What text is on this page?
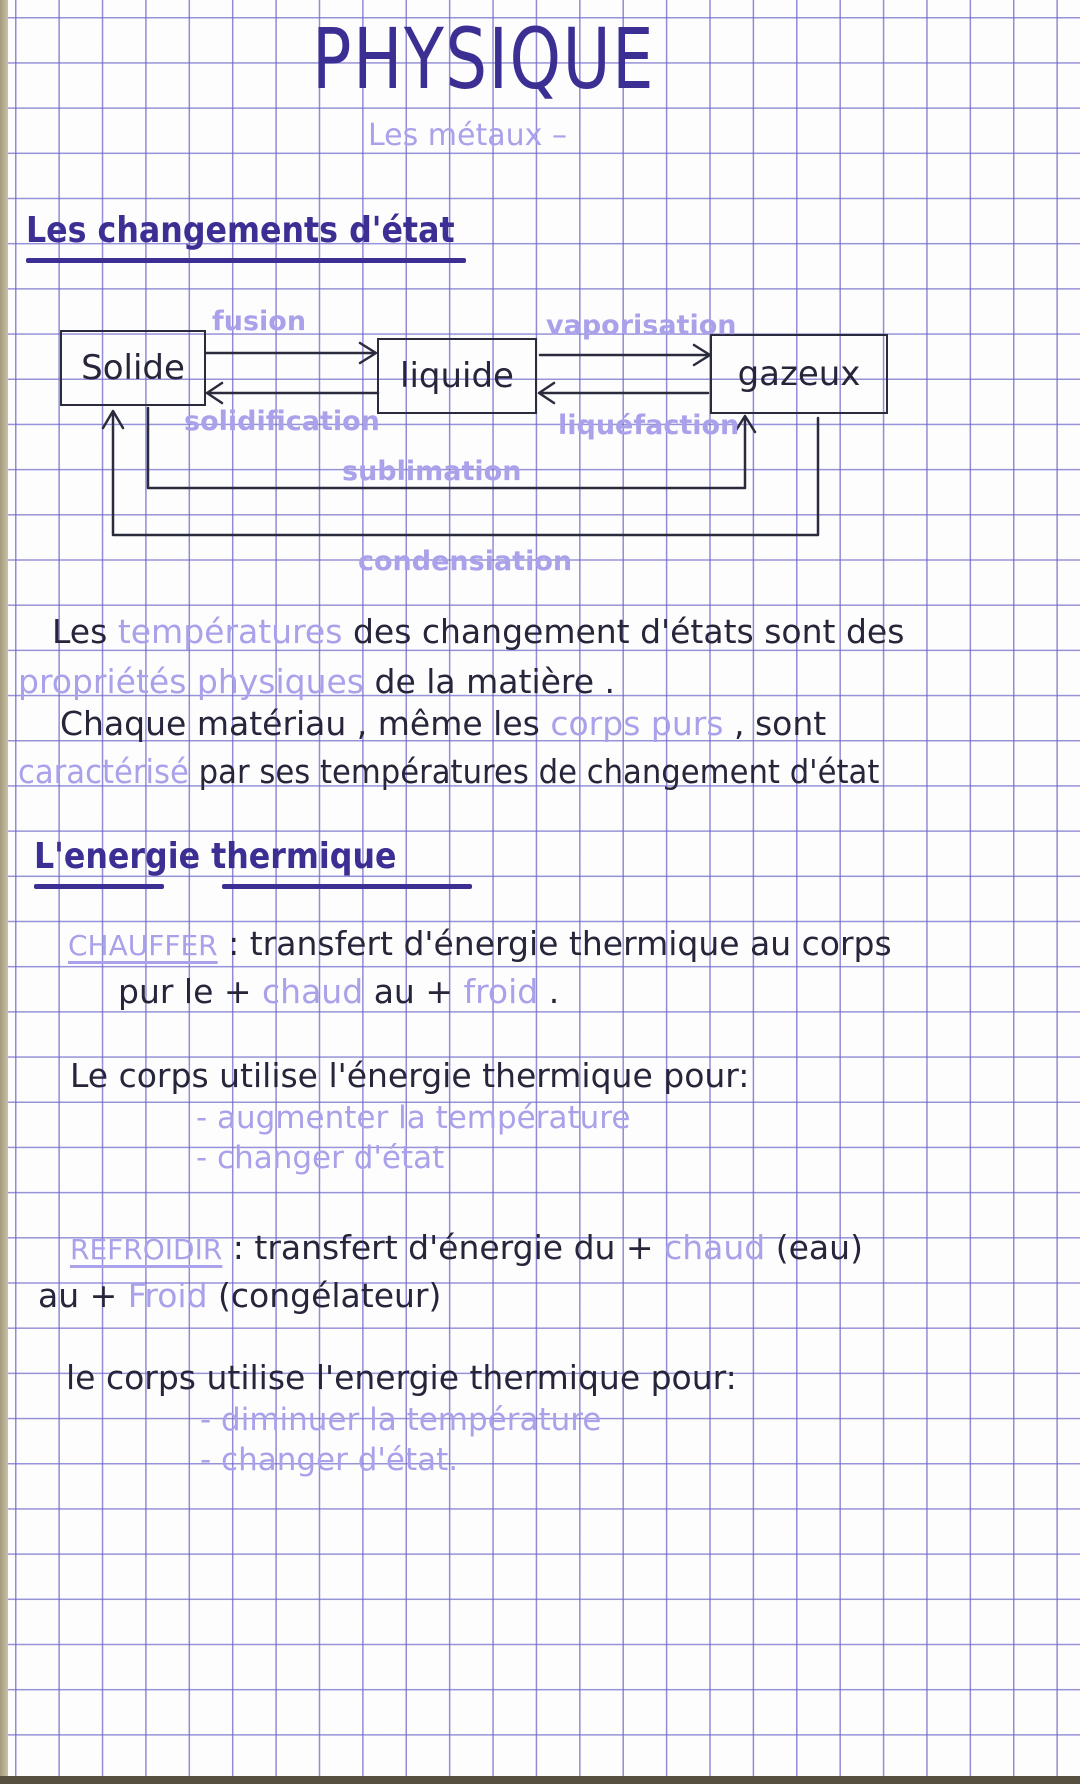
PHYSIQUE
Les métaux –
Les changements d'état
Solide	liquide	gazeux
fusion
solidification
vaporisation
liquéfaction
sublimation
condensiation
Les températures des changement d'états sont des
propriétés physiques de la matière .
Chaque matériau , même les corps purs , sont
caractérisé par ses températures de changement d'état
L'energie thermique
CHAUFFER : transfert d'énergie thermique au corps
pur le + chaud au + froid .
Le corps utilise l'énergie thermique pour:
- augmenter la température
- changer d'état
REFROIDIR : transfert d'énergie du + chaud (eau)
au + Froid (congélateur)
le corps utilise l'energie thermique pour:
- diminuer la température
- changer d'état.
